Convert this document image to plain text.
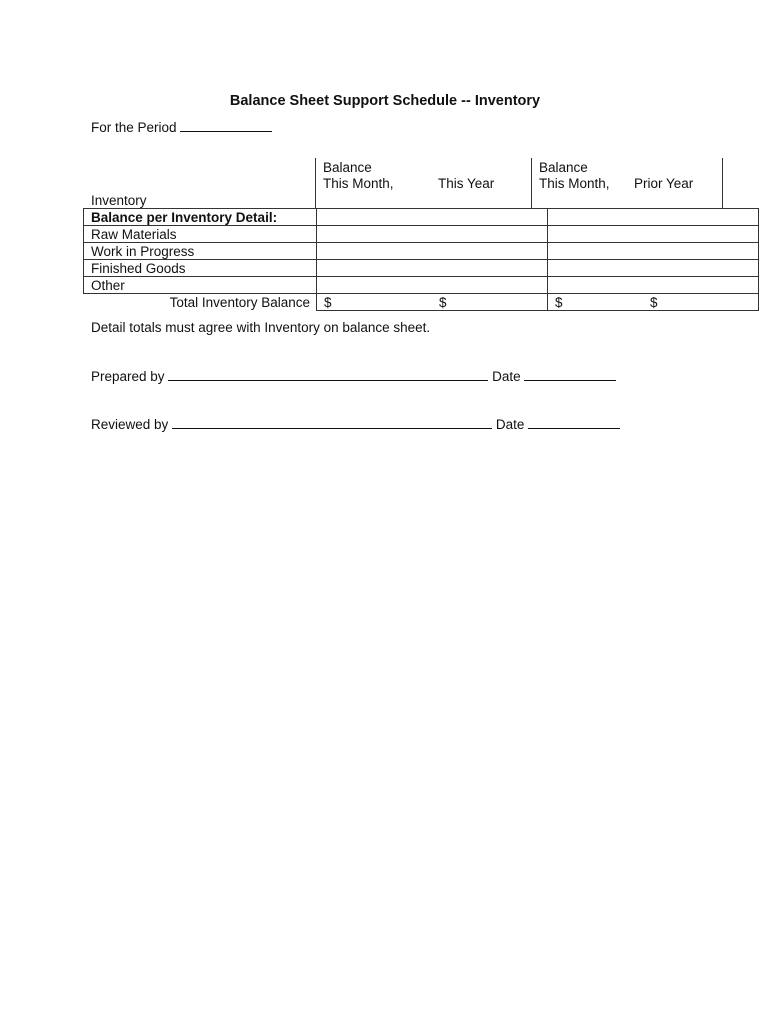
Balance Sheet Support Schedule -- Inventory
For the Period
Balance
This Month,	This Year
Balance
This Month, Prior Year
Inventory
Balance per Inventory Detail:		
Raw Materials		
Work in Progress		
Finished Goods		
Other		
Total Inventory Balance	$ $	$ $
Detail totals must agree with Inventory on balance sheet.
Prepared by	Date
Reviewed by	Date
